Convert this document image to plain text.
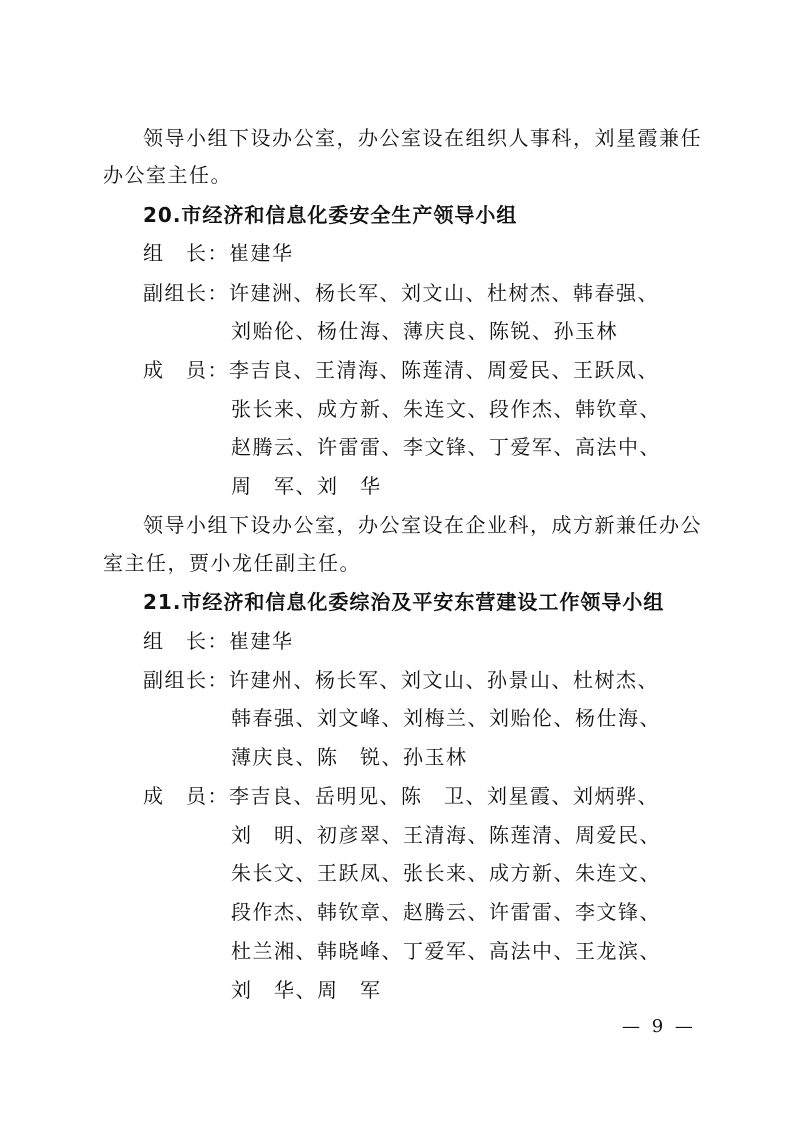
领导小组下设办公室，办公室设在组织人事科，刘星霞兼任
办公室主任。
20.市经济和信息化委安全生产领导小组
组　长：崔建华
副组长：许建洲、杨长军、刘文山、杜树杰、韩春强、
刘贻伦、杨仕海、薄庆良、陈锐、孙玉林
成　员：李吉良、王清海、陈莲清、周爱民、王跃凤、
张长来、成方新、朱连文、段作杰、韩钦章、
赵腾云、许雷雷、李文锋、丁爱军、高法中、
周　军、刘　华
领导小组下设办公室，办公室设在企业科，成方新兼任办公
室主任，贾小龙任副主任。
21.市经济和信息化委综治及平安东营建设工作领导小组
组　长：崔建华
副组长：许建州、杨长军、刘文山、孙景山、杜树杰、
韩春强、刘文峰、刘梅兰、刘贻伦、杨仕海、
薄庆良、陈　锐、孙玉林
成　员：李吉良、岳明见、陈　卫、刘星霞、刘炳骅、
刘　明、初彦翠、王清海、陈莲清、周爱民、
朱长文、王跃凤、张长来、成方新、朱连文、
段作杰、韩钦章、赵腾云、许雷雷、李文锋、
杜兰湘、韩晓峰、丁爱军、高法中、王龙滨、
刘　华、周　军
— 9 —
